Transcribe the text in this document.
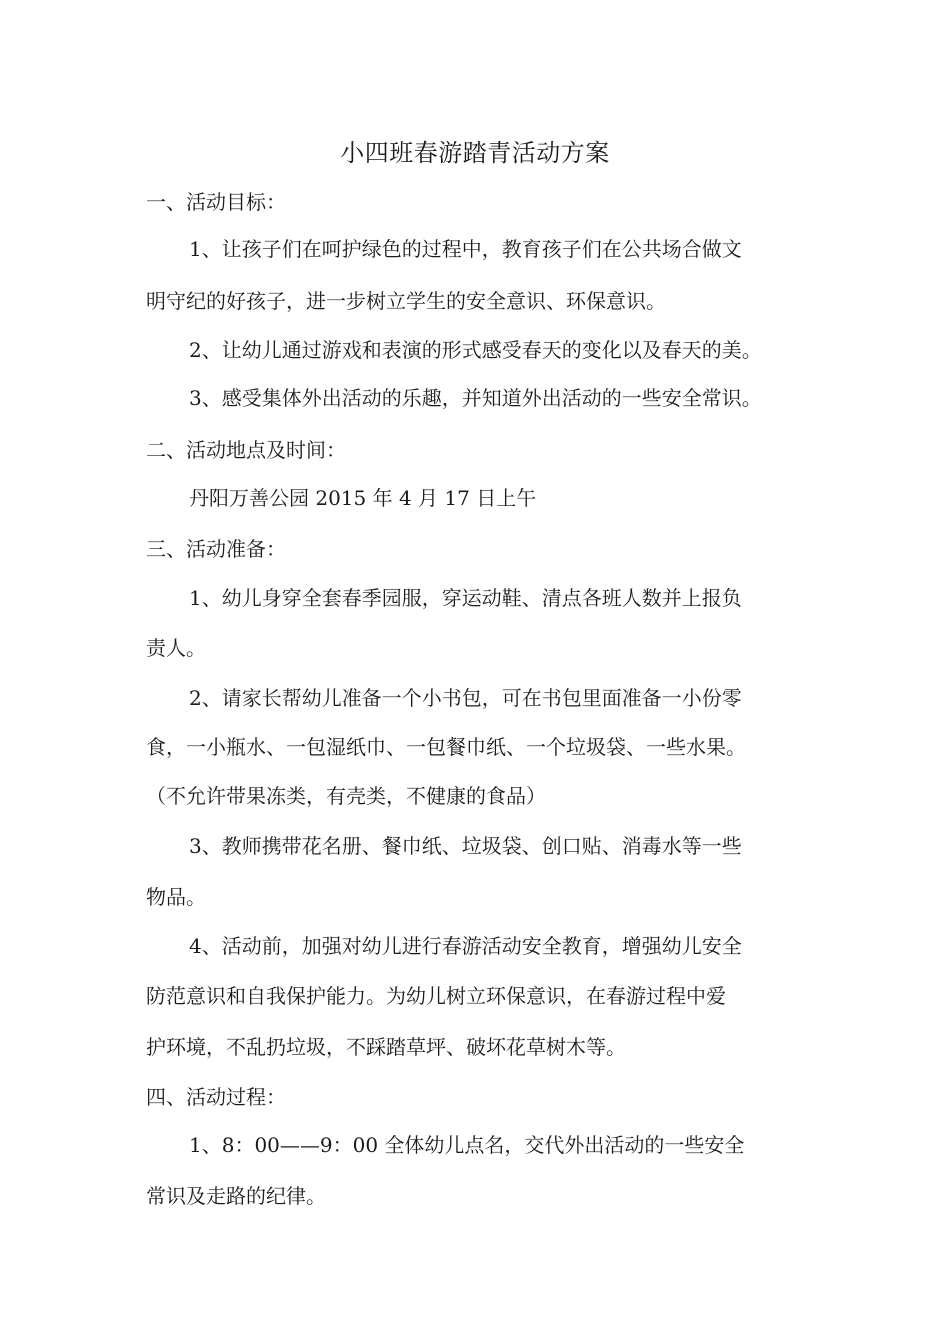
小四班春游踏青活动方案
一、活动目标：
1、让孩子们在呵护绿色的过程中，教育孩子们在公共场合做文
明守纪的好孩子，进一步树立学生的安全意识、环保意识。
2、让幼儿通过游戏和表演的形式感受春天的变化以及春天的美。
3、感受集体外出活动的乐趣，并知道外出活动的一些安全常识。
二、活动地点及时间：
丹阳万善公园 2015 年 4 月 17 日上午
三、活动准备：
1、幼儿身穿全套春季园服，穿运动鞋、清点各班人数并上报负
责人。
2、请家长帮幼儿准备一个小书包，可在书包里面准备一小份零
食，一小瓶水、一包湿纸巾、一包餐巾纸、一个垃圾袋、一些水果。
（不允许带果冻类，有壳类，不健康的食品）
3、教师携带花名册、餐巾纸、垃圾袋、创口贴、消毒水等一些
物品。
4、活动前，加强对幼儿进行春游活动安全教育，增强幼儿安全
防范意识和自我保护能力。为幼儿树立环保意识，在春游过程中爱
护环境，不乱扔垃圾，不踩踏草坪、破坏花草树木等。
四、活动过程：
1、8：00——9：00 全体幼儿点名，交代外出活动的一些安全
常识及走路的纪律。
